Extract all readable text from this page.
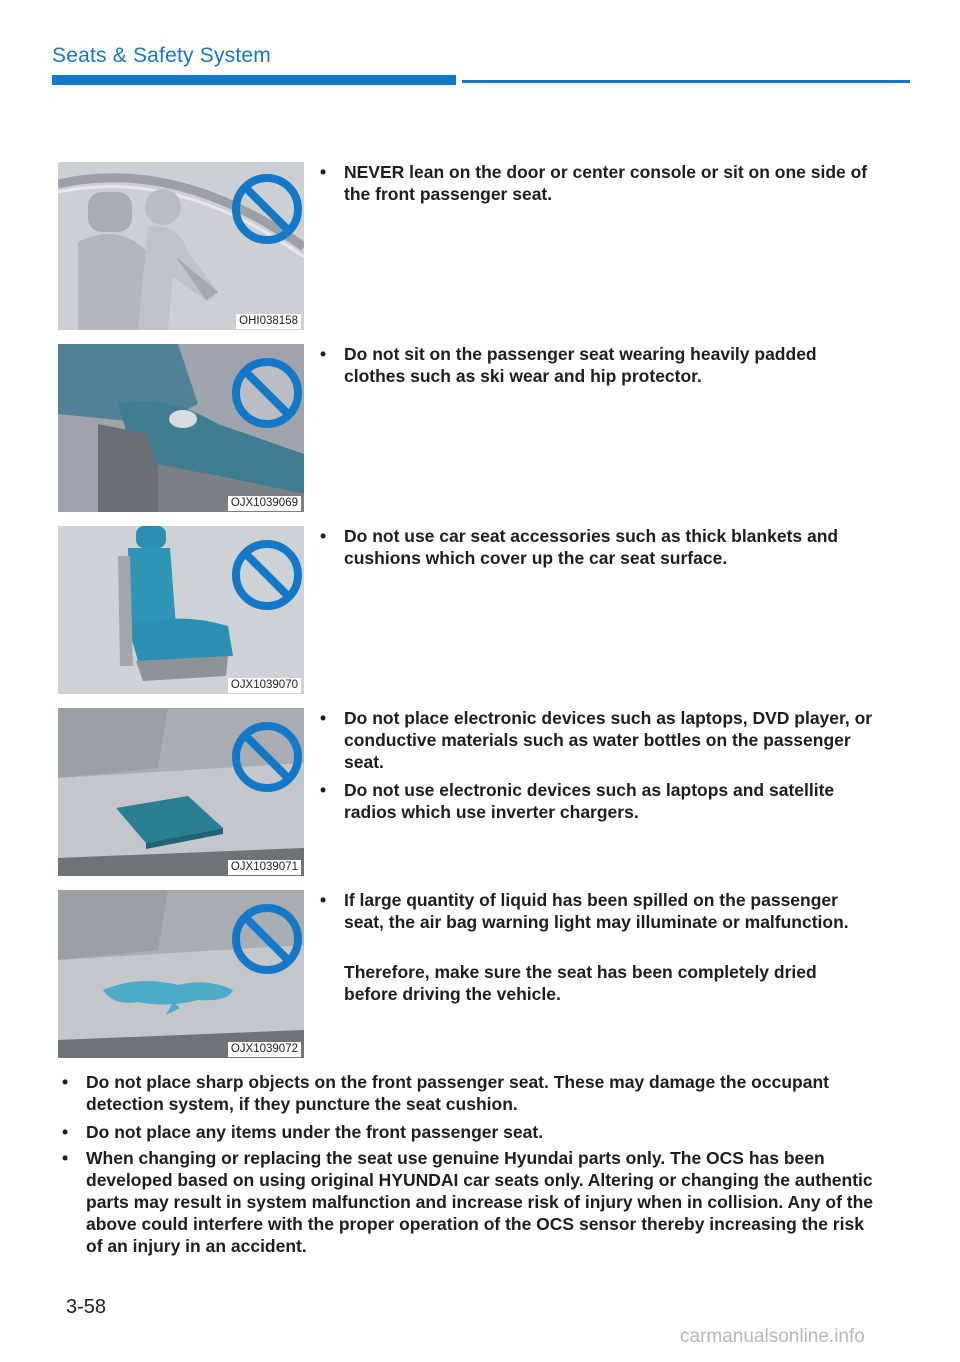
Seats & Safety System
OHI038158
OJX1039069
OJX1039070
OJX1039071
OJX1039072
• NEVER lean on the door or center console or sit on one side of the front passenger seat.
• Do not sit on the passenger seat wearing heavily padded clothes such as ski wear and hip protector.
• Do not use car seat accessories such as thick blankets and cushions which cover up the car seat surface.
• Do not place electronic devices such as laptops, DVD player, or conductive materials such as water bottles on the passenger seat.
• Do not use electronic devices such as laptops and satellite radios which use inverter chargers.
• If large quantity of liquid has been spilled on the passenger seat, the air bag warning light may illuminate or malfunction.
Therefore, make sure the seat has been completely dried before driving the vehicle.
• Do not place sharp objects on the front passenger seat. These may damage the occupant detection system, if they puncture the seat cushion.
• Do not place any items under the front passenger seat.
• When changing or replacing the seat use genuine Hyundai parts only. The OCS has been developed based on using original HYUNDAI car seats only. Altering or changing the authentic parts may result in system malfunction and increase risk of injury when in collision. Any of the above could interfere with the proper operation of the OCS sensor thereby increasing the risk of an injury in an accident.
3-58
carmanualsonline.info
